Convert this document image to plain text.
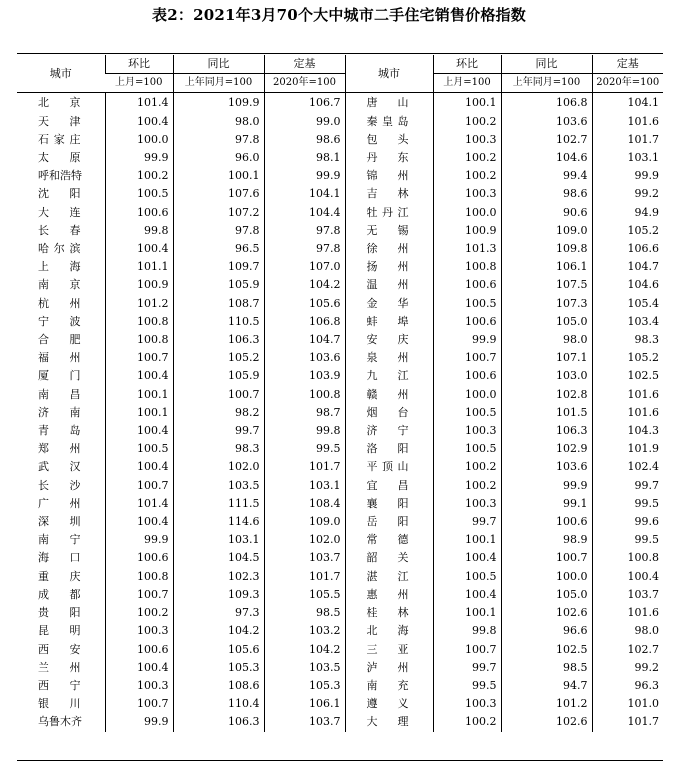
表2：2021年3月70个大中城市二手住宅销售价格指数
城市	环比	同比	定基	城市	环比	同比	定基
	上月=100	上年同月=100	2020年=100		上月=100	上年同月=100	2020年=100
北京	101.4	109.9	106.7	唐山	100.1	106.8	104.1
天津	100.4	98.0	99.0	秦皇岛	100.2	103.6	101.6
石家庄	100.0	97.8	98.6	包头	100.3	102.7	101.7
太原	99.9	96.0	98.1	丹东	100.2	104.6	103.1
呼和浩特	100.2	100.1	99.9	锦州	100.2	99.4	99.9
沈阳	100.5	107.6	104.1	吉林	100.3	98.6	99.2
大连	100.6	107.2	104.4	牡丹江	100.0	90.6	94.9
长春	99.8	97.8	97.8	无锡	100.9	109.0	105.2
哈尔滨	100.4	96.5	97.8	徐州	101.3	109.8	106.6
上海	101.1	109.7	107.0	扬州	100.8	106.1	104.7
南京	100.9	105.9	104.2	温州	100.6	107.5	104.6
杭州	101.2	108.7	105.6	金华	100.5	107.3	105.4
宁波	100.8	110.5	106.8	蚌埠	100.6	105.0	103.4
合肥	100.8	106.3	104.7	安庆	99.9	98.0	98.3
福州	100.7	105.2	103.6	泉州	100.7	107.1	105.2
厦门	100.4	105.9	103.9	九江	100.6	103.0	102.5
南昌	100.1	100.7	100.8	赣州	100.0	102.8	101.6
济南	100.1	98.2	98.7	烟台	100.5	101.5	101.6
青岛	100.4	99.7	99.8	济宁	100.3	106.3	104.3
郑州	100.5	98.3	99.5	洛阳	100.5	102.9	101.9
武汉	100.4	102.0	101.7	平顶山	100.2	103.6	102.4
长沙	100.7	103.5	103.1	宜昌	100.2	99.9	99.7
广州	101.4	111.5	108.4	襄阳	100.3	99.1	99.5
深圳	100.4	114.6	109.0	岳阳	99.7	100.6	99.6
南宁	99.9	103.1	102.0	常德	100.1	98.9	99.5
海口	100.6	104.5	103.7	韶关	100.4	100.7	100.8
重庆	100.8	102.3	101.7	湛江	100.5	100.0	100.4
成都	100.7	109.3	105.5	惠州	100.4	105.0	103.7
贵阳	100.2	97.3	98.5	桂林	100.1	102.6	101.6
昆明	100.3	104.2	103.2	北海	99.8	96.6	98.0
西安	100.6	105.6	104.2	三亚	100.7	102.5	102.7
兰州	100.4	105.3	103.5	泸州	99.7	98.5	99.2
西宁	100.3	108.6	105.3	南充	99.5	94.7	96.3
银川	100.7	110.4	106.1	遵义	100.3	101.2	101.0
乌鲁木齐	99.9	106.3	103.7	大理	100.2	102.6	101.7
